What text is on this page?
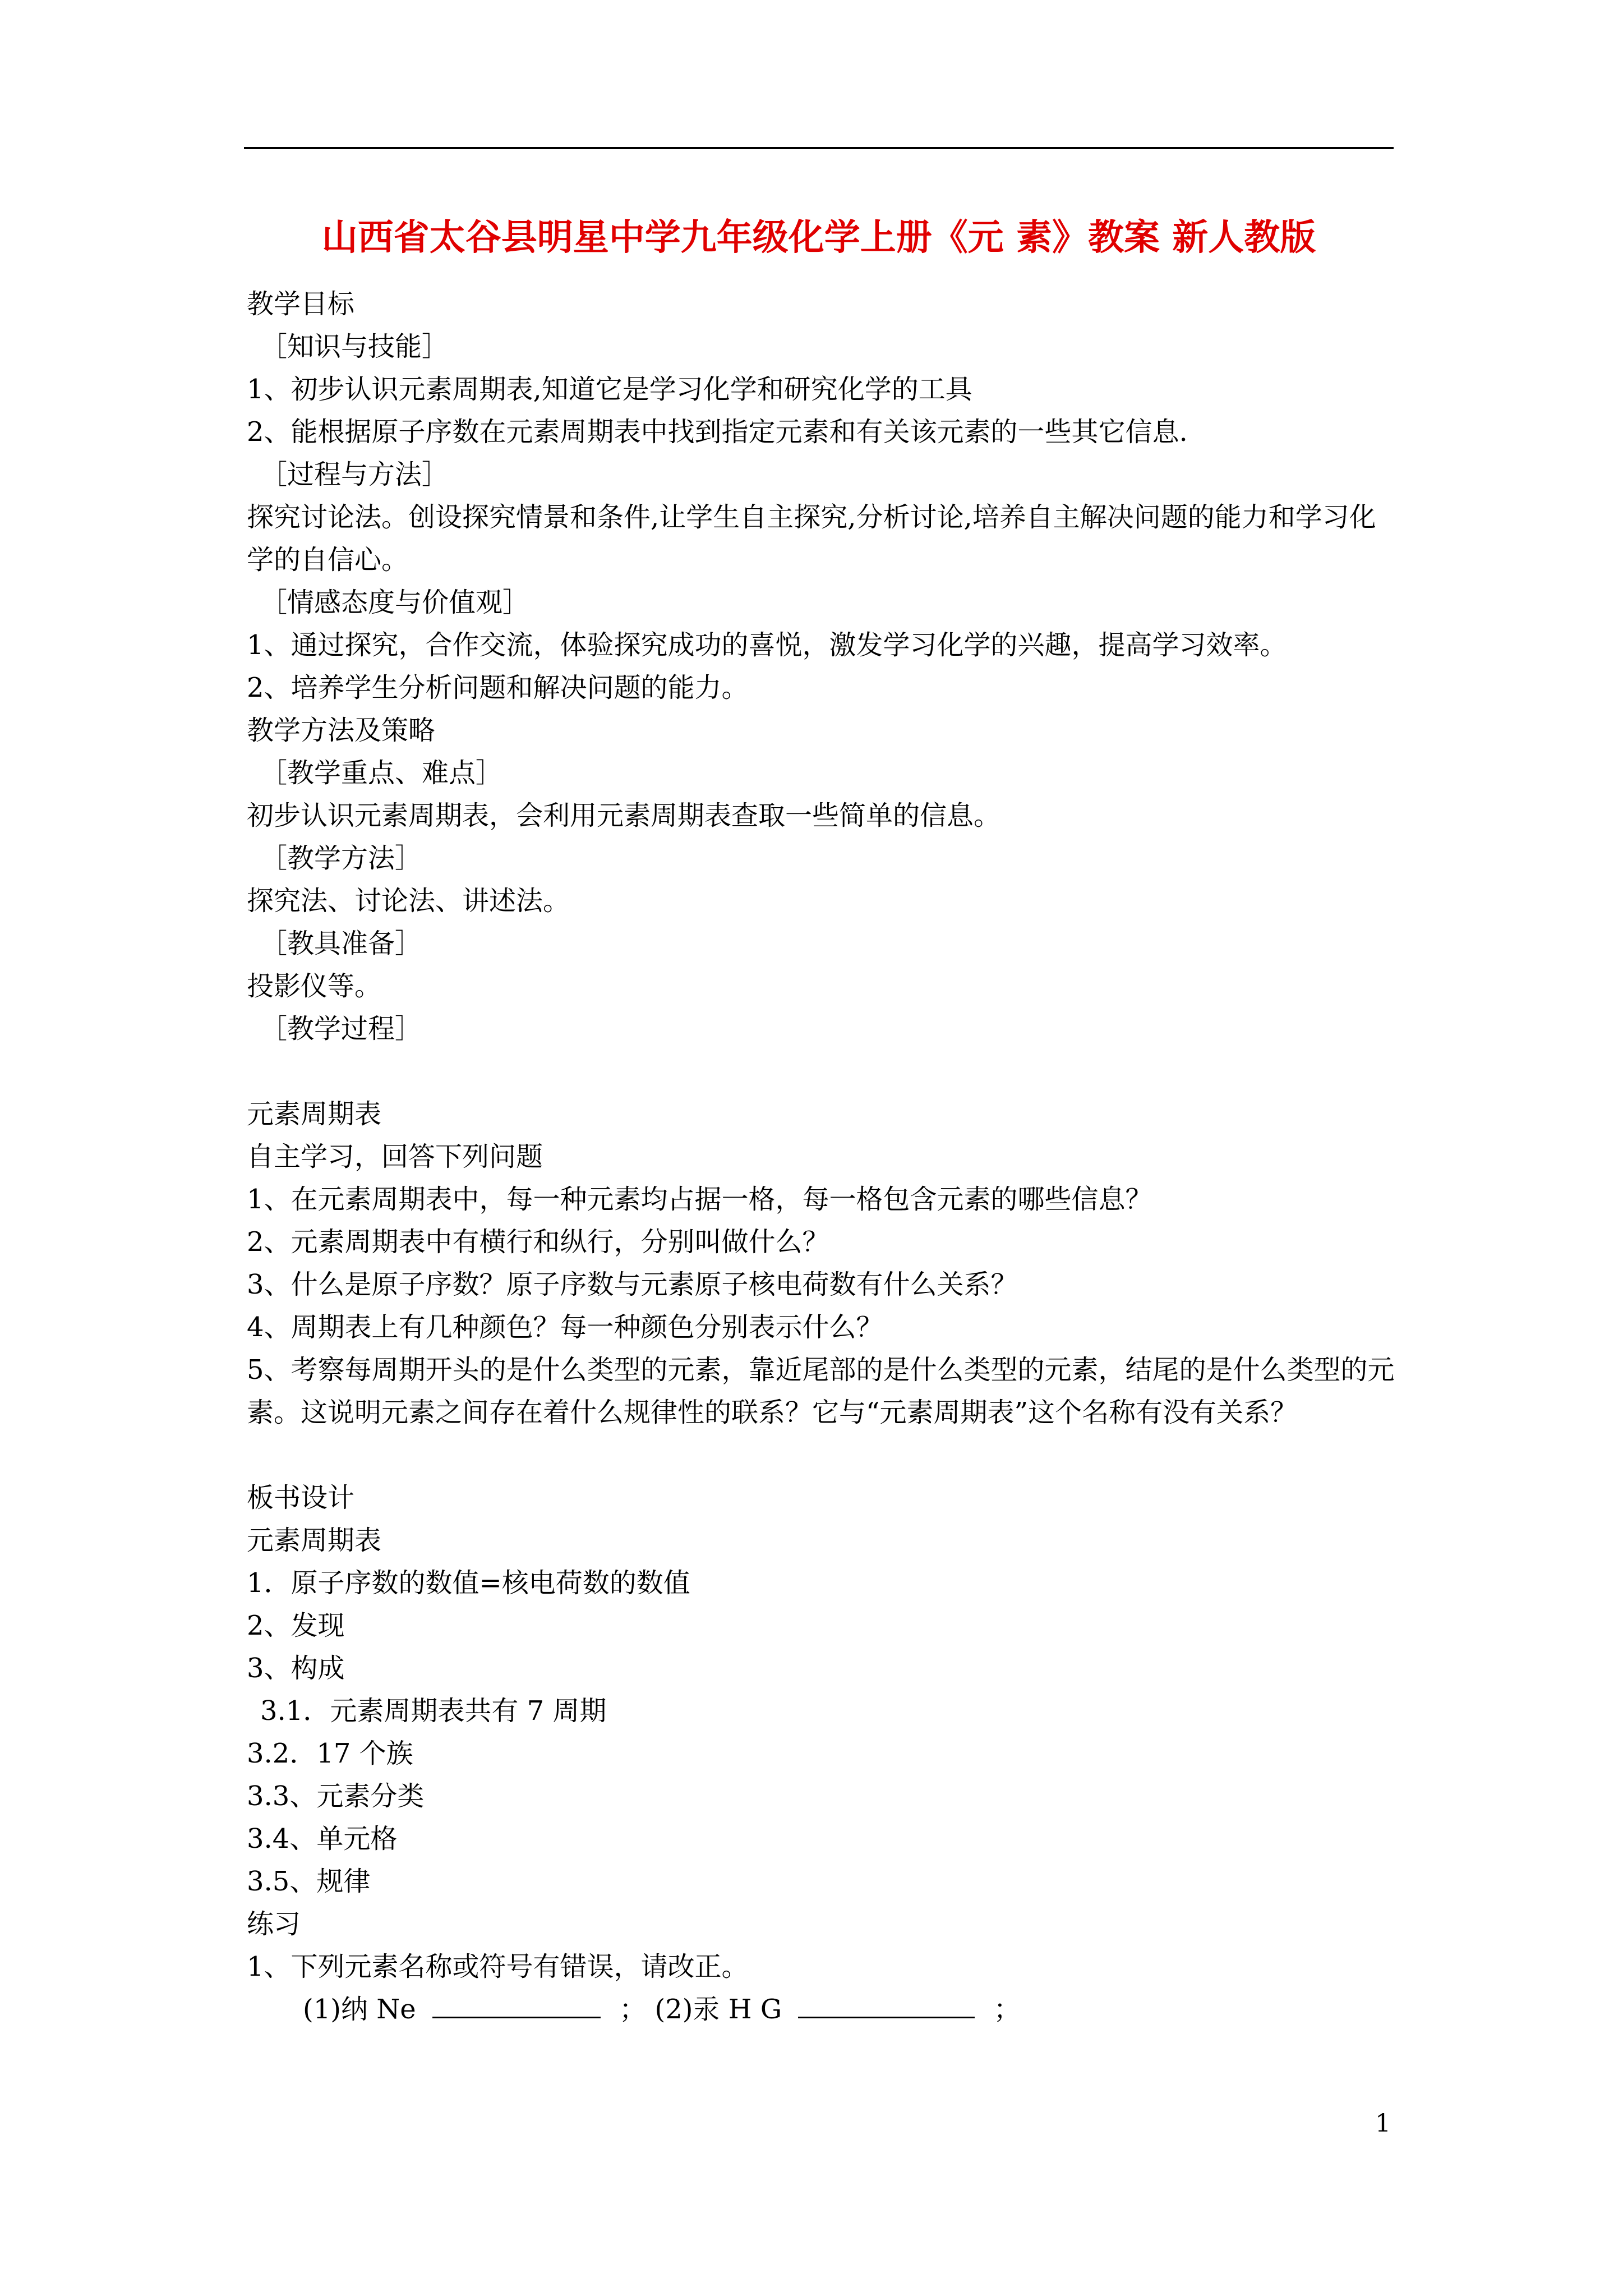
山西省太谷县明星中学九年级化学上册《元 素》教案 新人教版
教学目标
［知识与技能］
1、初步认识元素周期表,知道它是学习化学和研究化学的工具
2、能根据原子序数在元素周期表中找到指定元素和有关该元素的一些其它信息.
［过程与方法］
探究讨论法。创设探究情景和条件,让学生自主探究,分析讨论,培养自主解决问题的能力和学习化学的自信心。
［情感态度与价值观］
1、通过探究，合作交流，体验探究成功的喜悦，激发学习化学的兴趣，提高学习效率。
2、培养学生分析问题和解决问题的能力。
教学方法及策略
［教学重点、难点］
初步认识元素周期表，会利用元素周期表查取一些简单的信息。
［教学方法］
探究法、讨论法、讲述法。
［教具准备］
投影仪等。
［教学过程］
元素周期表
自主学习，回答下列问题
1、在元素周期表中，每一种元素均占据一格，每一格包含元素的哪些信息？
2、元素周期表中有横行和纵行，分别叫做什么？
3、什么是原子序数？原子序数与元素原子核电荷数有什么关系？
4、周期表上有几种颜色？每一种颜色分别表示什么？
5、考察每周期开头的是什么类型的元素，靠近尾部的是什么类型的元素，结尾的是什么类型的元素。这说明元素之间存在着什么规律性的联系？它与“元素周期表”这个名称有没有关系？
板书设计
元素周期表
1．原子序数的数值=核电荷数的数值
2、发现
3、构成
3.1．元素周期表共有 7 周期
3.2．17 个族
3.3、元素分类
3.4、单元格
3.5、规律
练习
1、下列元素名称或符号有错误，请改正。
(1)纳 Ne	； (2)汞 H G	；
1
